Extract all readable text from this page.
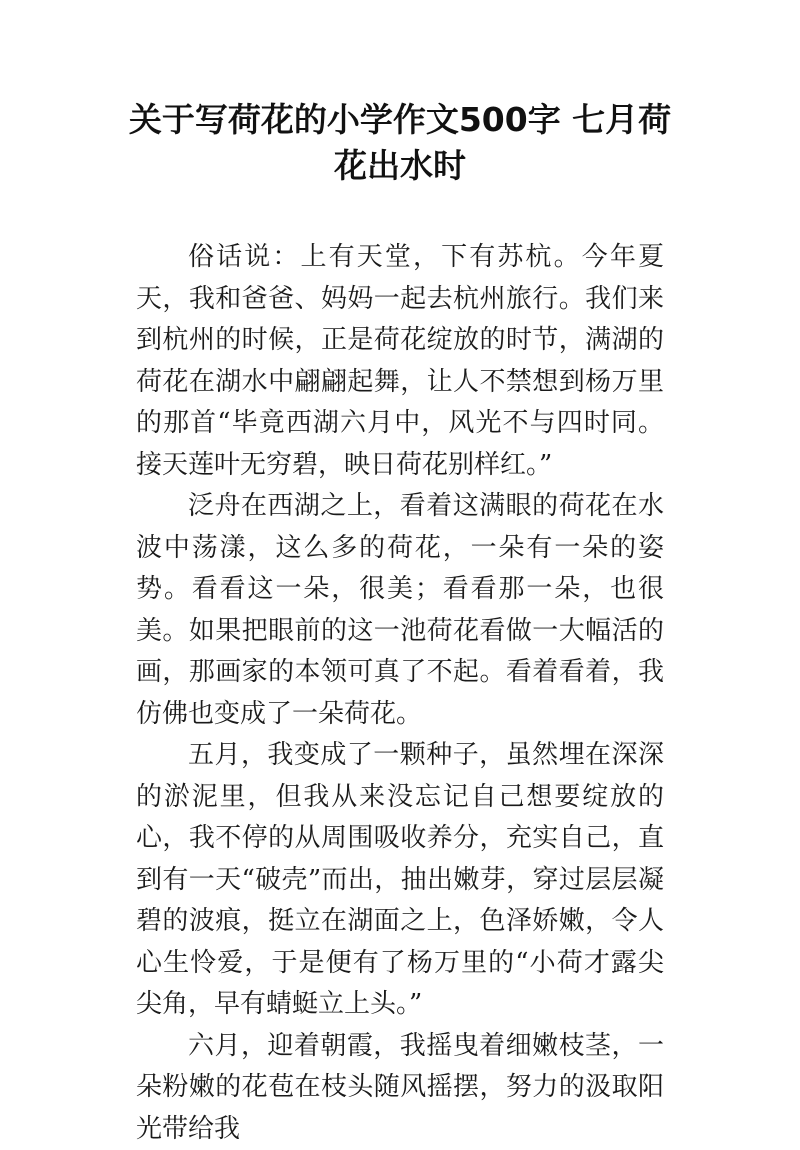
关于写荷花的小学作文500字 七月荷
花出水时

俗话说：上有天堂，下有苏杭。今年夏天，我和爸爸、妈妈一起去杭州旅行。我们来到杭州的时候，正是荷花绽放的时节，满湖的荷花在湖水中翩翩起舞，让人不禁想到杨万里的那首“毕竟西湖六月中，风光不与四时同。接天莲叶无穷碧，映日荷花别样红。”

泛舟在西湖之上，看着这满眼的荷花在水波中荡漾，这么多的荷花，一朵有一朵的姿势。看看这一朵，很美；看看那一朵，也很美。如果把眼前的这一池荷花看做一大幅活的画，那画家的本领可真了不起。看着看着，我仿佛也变成了一朵荷花。

五月，我变成了一颗种子，虽然埋在深深的淤泥里，但我从来没忘记自己想要绽放的心，我不停的从周围吸收养分，充实自己，直到有一天“破壳”而出，抽出嫩芽，穿过层层凝碧的波痕，挺立在湖面之上，色泽娇嫩，令人心生怜爱，于是便有了杨万里的“小荷才露尖尖角，早有蜻蜓立上头。”

六月，迎着朝霞，我摇曳着细嫩枝茎，一朵粉嫩的花苞在枝头随风摇摆，努力的汲取阳光带给我
